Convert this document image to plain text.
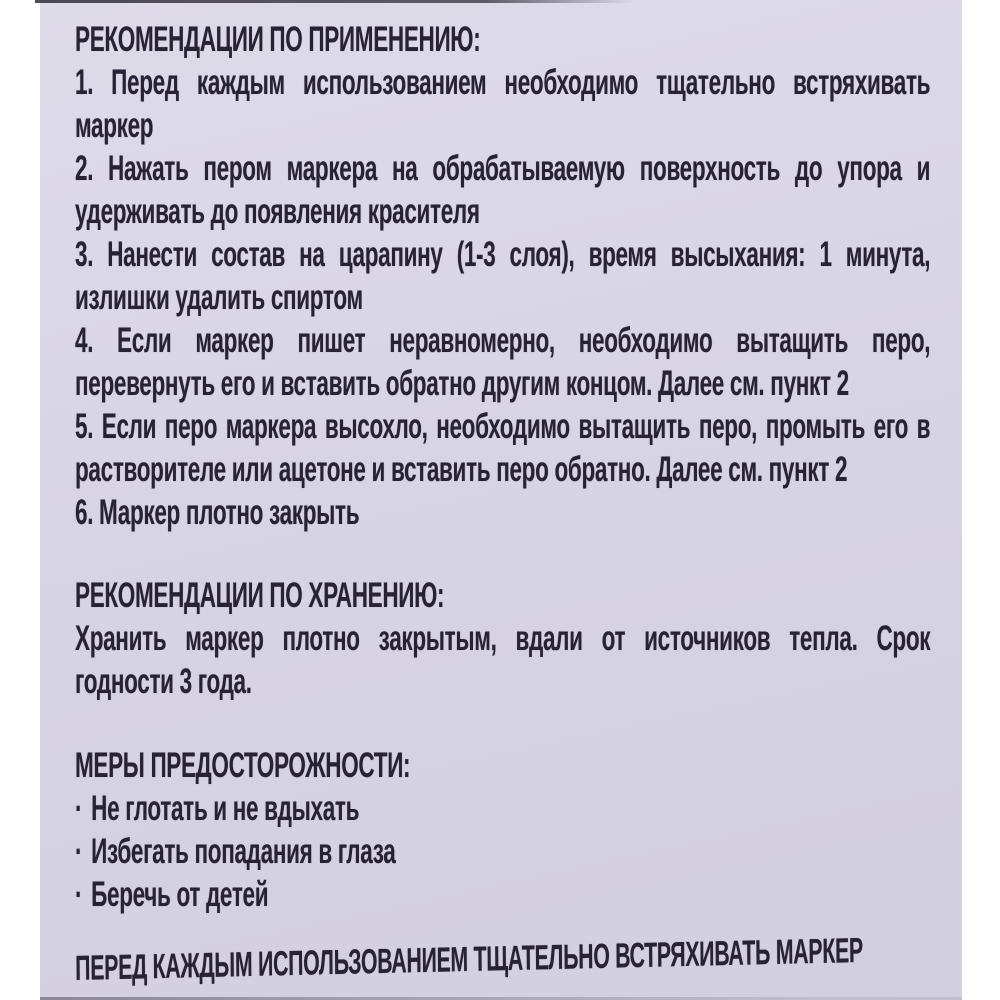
РЕКОМЕНДАЦИИ ПО ПРИМЕНЕНИЮ:
1. Перед каждым использованием необходимо тщательно встряхивать
маркер
2. Нажать пером маркера на обрабатываемую поверхность до упора и
удерживать до появления красителя
3. Нанести состав на царапину (1-3 слоя), время высыхания: 1 минута,
излишки удалить спиртом
4. Если маркер пишет неравномерно, необходимо вытащить перо,
перевернуть его и вставить обратно другим концом. Далее см. пункт 2
5. Если перо маркера высохло, необходимо вытащить перо, промыть его в
растворителе или ацетоне и вставить перо обратно. Далее см. пункт 2
6. Маркер плотно закрыть
РЕКОМЕНДАЦИИ ПО ХРАНЕНИЮ:
Хранить маркер плотно закрытым, вдали от источников тепла. Срок
годности 3 года.
МЕРЫ ПРЕДОСТОРОЖНОСТИ:
· Не глотать и не вдыхать
· Избегать попадания в глаза
· Беречь от детей
ПЕРЕД КАЖДЫМ ИСПОЛЬЗОВАНИЕМ ТЩАТЕЛЬНО ВСТРЯХИВАТЬ МАРКЕР
